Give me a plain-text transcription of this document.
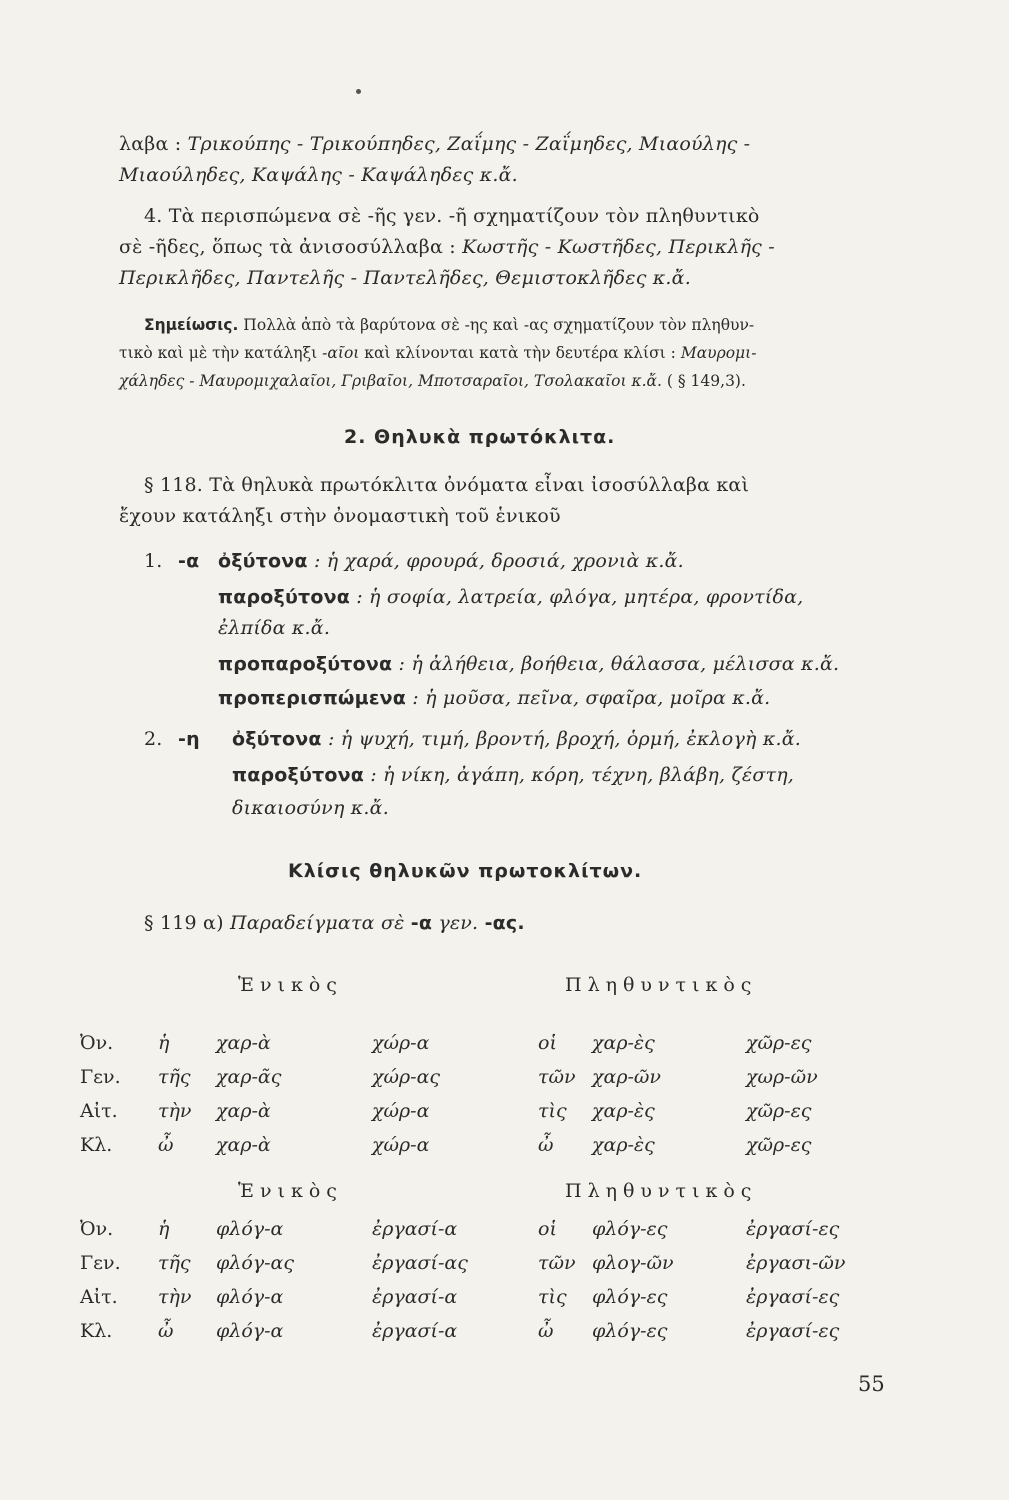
λαβα : Τρικούπης - Τρικούπηδες, Ζαΐμης - Ζαΐμηδες, Μιαούλης -
Μιαούληδες, Καψάλης - Καψάληδες κ.ἄ.
4. Τὰ περισπώμενα σὲ -ῆς γεν. -ῆ σχηματίζουν τὸν πληθυντικὸ
σὲ -ῆδες, ὅπως τὰ ἀνισοσύλλαβα : Κωστῆς - Κωστῆδες, Περικλῆς -
Περικλῆδες, Παντελῆς - Παντελῆδες, Θεμιστοκλῆδες κ.ἄ.
Σημείωσις. Πολλὰ ἀπὸ τὰ βαρύτονα σὲ -ης καὶ -ας σχηματίζουν τὸν πληθυν-
τικὸ καὶ μὲ τὴν κατάληξι -αῖοι καὶ κλίνονται κατὰ τὴν δευτέρα κλίσι : Μαυρομι-
χάληδες - Μαυρομιχαλαῖοι, Γριβαῖοι, Μποτσαραῖοι, Τσολακαῖοι κ.ἄ. ( § 149,3).
2. Θηλυκὰ πρωτόκλιτα.
§ 118. Τὰ θηλυκὰ πρωτόκλιτα ὀνόματα εἶναι ἰσοσύλλαβα καὶ
ἔχουν κατάληξι στὴν ὀνομαστικὴ τοῦ ἑνικοῦ
1. -α ὀξύτονα : ἡ χαρά, φρουρά, δροσιά, χρονιὰ κ.ἄ.
παροξύτονα : ἡ σοφία, λατρεία, φλόγα, μητέρα, φροντίδα,
ἐλπίδα κ.ἄ.
προπαροξύτονα : ἡ ἀλήθεια, βοήθεια, θάλασσα, μέλισσα κ.ἄ.
προπερισπώμενα : ἡ μοῦσα, πεῖνα, σφαῖρα, μοῖρα κ.ἄ.
2. -η ὀξύτονα : ἡ ψυχή, τιμή, βροντή, βροχή, ὁρμή, ἐκλογὴ κ.ἄ.
παροξύτονα : ἡ νίκη, ἀγάπη, κόρη, τέχνη, βλάβη, ζέστη,
δικαιοσύνη κ.ἄ.
Κλίσις θηλυκῶν πρωτοκλίτων.
§ 119 α) Παραδείγματα σὲ -α γεν. -ας.
Ἑνικὸς	Πληθυντικὸς
Ὀν. ἡ χαρ-ὰ	χώρ-α	οἱ χαρ-ὲς	χῶρ-ες
Γεν. τῆς χαρ-ᾶς	χώρ-ας	τῶν χαρ-ῶν	χωρ-ῶν
Αἰτ. τὴν χαρ-ὰ	χώρ-α	τὶς χαρ-ὲς	χῶρ-ες
Κλ. ὦ χαρ-ὰ	χώρ-α	ὦ χαρ-ὲς	χῶρ-ες
Ἑνικὸς	Πληθυντικὸς
Ὀν. ἡ φλόγ-α	ἐργασί-α	οἱ φλόγ-ες	ἐργασί-ες
Γεν. τῆς φλόγ-ας	ἐργασί-ας	τῶν φλογ-ῶν	ἐργασι-ῶν
Αἰτ. τὴν φλόγ-α	ἐργασί-α	τὶς φλόγ-ες	ἐργασί-ες
Κλ. ὦ φλόγ-α	ἐργασί-α	ὦ φλόγ-ες	ἐργασί-ες
55
